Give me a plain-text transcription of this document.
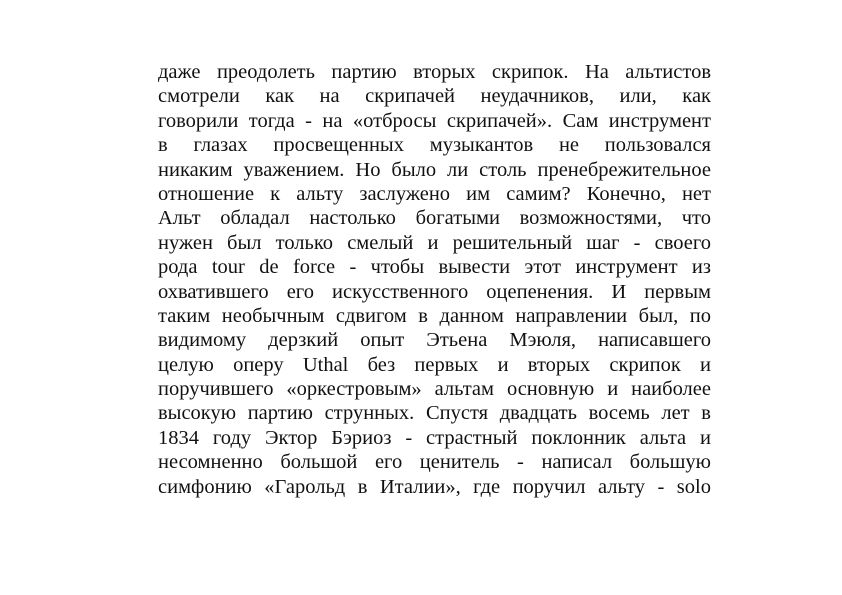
даже преодолеть партию вторых скрипок. На альтистов
смотрели как на скрипачей неудачников, или, как
говорили тогда - на «отбросы скрипачей». Сам инструмент
в глазах просвещенных музыкантов не пользовался
никаким уважением. Но было ли столь пренебрежительное
отношение к альту заслужено им самим? Конечно, нет
Альт обладал настолько богатыми возможностями, что
нужен был только смелый и решительный шаг - своего
рода tour de force - чтобы вывести этот инструмент из
охватившего его искусственного оцепенения. И первым
таким необычным сдвигом в данном направлении был, по
видимому дерзкий опыт Этьена Мэюля, написавшего
целую оперу Uthal без первых и вторых скрипок и
поручившего «оркестровым» альтам основную и наиболее
высокую партию струнных. Спустя двадцать восемь лет в
1834 году Эктор Бэриоз - страстный поклонник альта и
несомненно большой его ценитель - написал большую
симфонию «Гарольд в Италии», где поручил альту - solo
